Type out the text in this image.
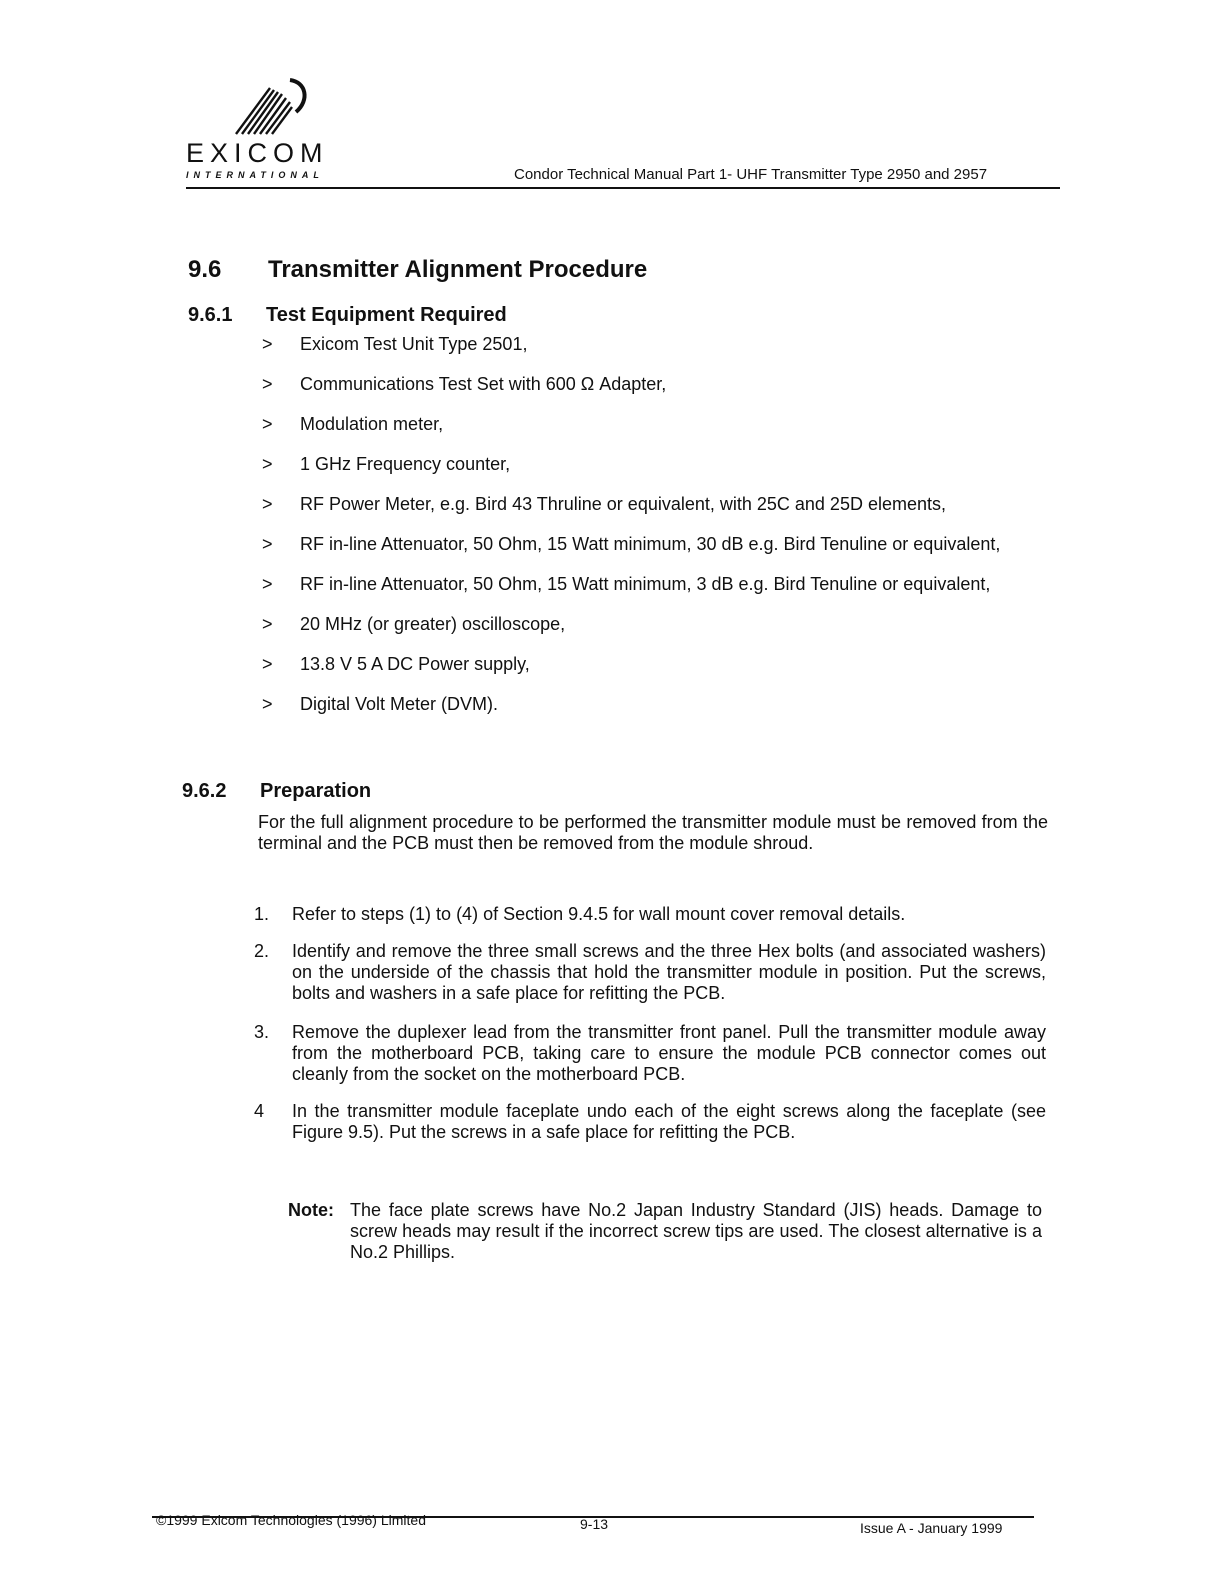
EXICOM
INTERNATIONAL	Condor Technical Manual Part 1- UHF Transmitter Type 2950 and 2957
9.6 Transmitter Alignment Procedure
9.6.1 Test Equipment Required
> Exicom Test Unit Type 2501,
> Communications Test Set with 600 Ω Adapter,
> Modulation meter,
> 1 GHz Frequency counter,
> RF Power Meter, e.g. Bird 43 Thruline or equivalent, with 25C and 25D elements,
> RF in-line Attenuator, 50 Ohm, 15 Watt minimum, 30 dB e.g. Bird Tenuline or equivalent,
> RF in-line Attenuator, 50 Ohm, 15 Watt minimum, 3 dB e.g. Bird Tenuline or equivalent,
> 20 MHz (or greater) oscilloscope,
> 13.8 V 5 A DC Power supply,
> Digital Volt Meter (DVM).
9.6.2 Preparation
For the full alignment procedure to be performed the transmitter module must be removed from the terminal and the PCB must then be removed from the module shroud.
1. Refer to steps (1) to (4) of Section 9.4.5 for wall mount cover removal details.
2. Identify and remove the three small screws and the three Hex bolts (and associated washers) on the underside of the chassis that hold the transmitter module in position. Put the screws, bolts and washers in a safe place for refitting the PCB.
3. Remove the duplexer lead from the transmitter front panel. Pull the transmitter module away from the motherboard PCB, taking care to ensure the module PCB connector comes out cleanly from the socket on the motherboard PCB.
4 In the transmitter module faceplate undo each of the eight screws along the faceplate (see Figure 9.5). Put the screws in a safe place for refitting the PCB.
Note: The face plate screws have No.2 Japan Industry Standard (JIS) heads. Damage to screw heads may result if the incorrect screw tips are used. The closest alternative is a No.2 Phillips.
©1999 Exicom Technologies (1996) Limited	9-13	Issue A - January 1999
